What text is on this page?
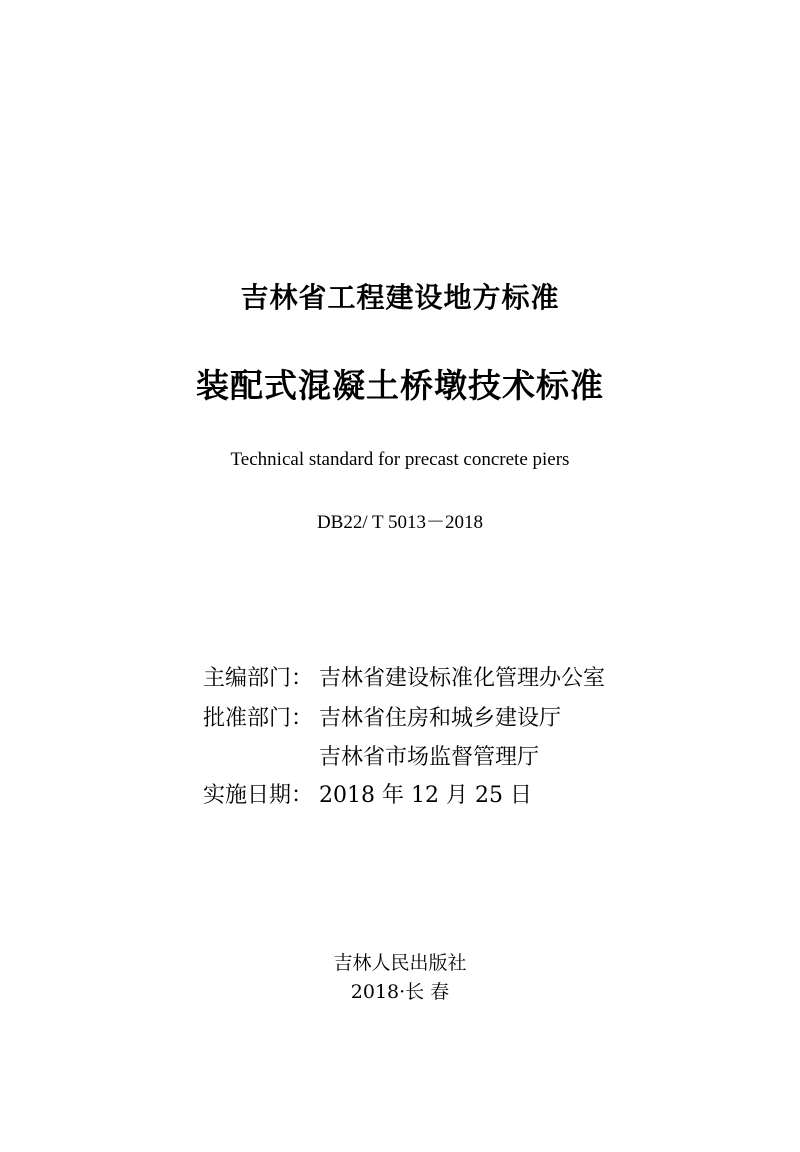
吉林省工程建设地方标准
装配式混凝土桥墩技术标准
Technical standard for precast concrete piers
DB22/ T 5013－2018
主编部门： 吉林省建设标准化管理办公室
批准部门： 吉林省住房和城乡建设厅
吉林省市场监督管理厅
实施日期： 2018 年 12 月 25 日
吉林人民出版社
2018·长 春
